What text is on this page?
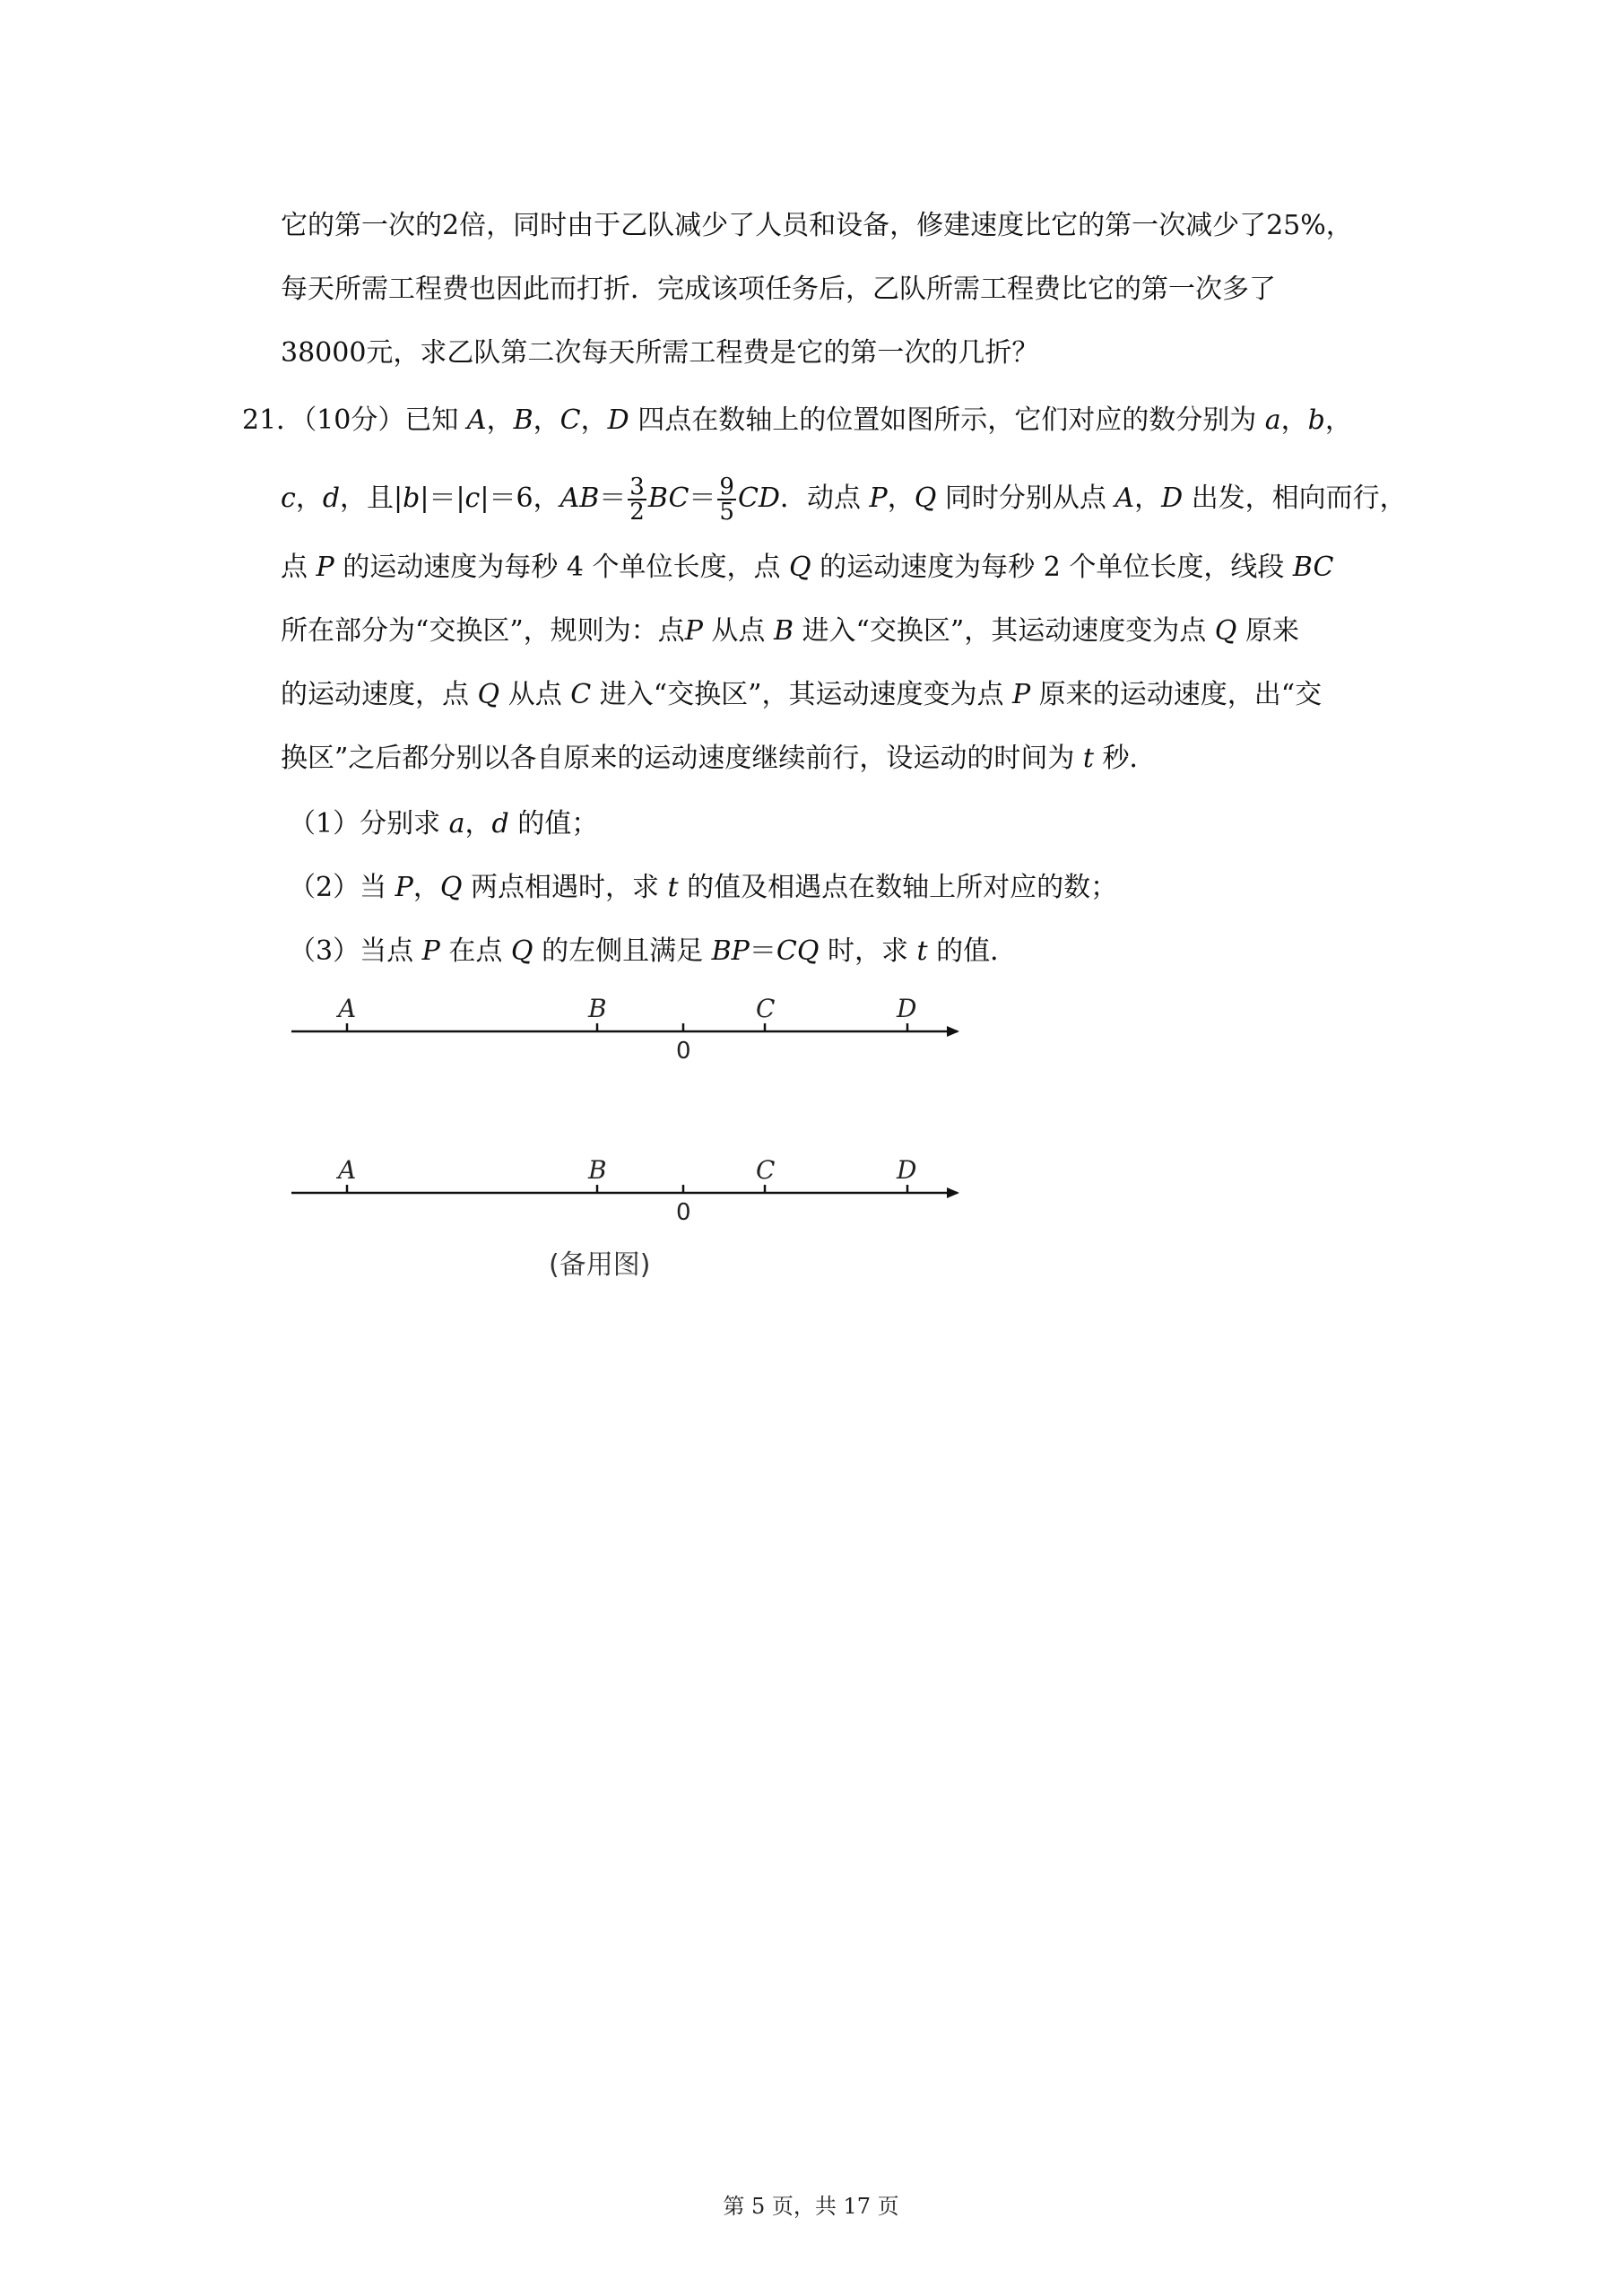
它的第一次的2倍，同时由于乙队减少了人员和设备，修建速度比它的第一次减少了25%，
每天所需工程费也因此而打折．完成该项任务后，乙队所需工程费比它的第一次多了
38000元，求乙队第二次每天所需工程费是它的第一次的几折？
21．（10分）已知 A，B，C，D 四点在数轴上的位置如图所示，它们对应的数分别为 a，b，
c，d，且|b|＝|c|＝6，$AB= \frac{3}{2} BC= \frac{9}{5}$ CD．动点 P，Q 同时分别从点 A，D 出发，相向而行，
点 P 的运动速度为每秒 4 个单位长度，点 Q 的运动速度为每秒 2 个单位长度，线段 BC
所在部分为“交换区”，规则为：点P 从点 B 进入“交换区”，其运动速度变为点 Q 原来
的运动速度，点 Q 从点 C 进入“交换区”，其运动速度变为点 P 原来的运动速度，出“交
换区”之后都分别以各自原来的运动速度继续前行，设运动的时间为 t 秒．
（1）分别求 a，d 的值；
（2）当 P，Q 两点相遇时，求 t 的值及相遇点在数轴上所对应的数；
（3）当点 P 在点 Q 的左侧且满足 BP＝CQ 时，求 t 的值．
A	B	C	D
0
A	B	C	D
0
(备用图)
第 5 页，共 17 页
